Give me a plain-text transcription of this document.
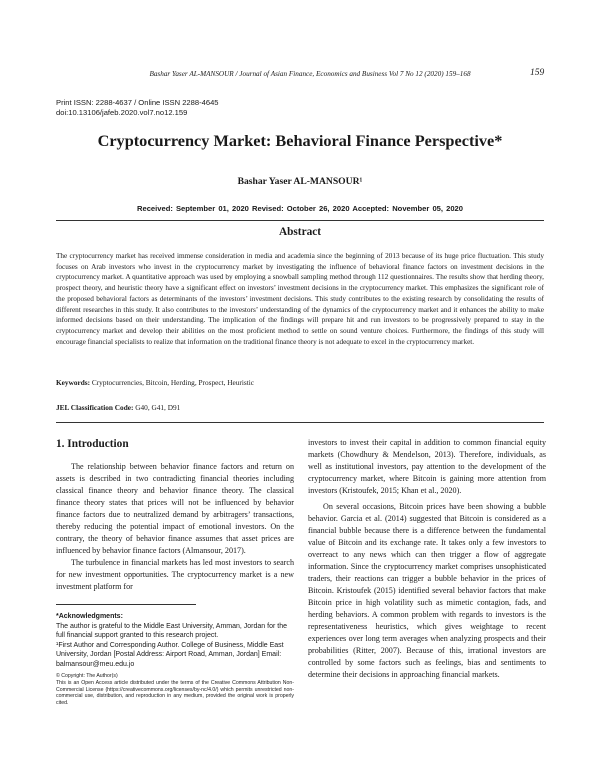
Bashar Yaser AL-MANSOUR / Journal of Asian Finance, Economics and Business Vol 7 No 12 (2020) 159–168	159
Print ISSN: 2288-4637 / Online ISSN 2288-4645
doi:10.13106/jafeb.2020.vol7.no12.159
Cryptocurrency Market: Behavioral Finance Perspective*
Bashar Yaser AL-MANSOUR¹
Received: September 01, 2020 Revised: October 26, 2020 Accepted: November 05, 2020
Abstract

The cryptocurrency market has received immense consideration in media and academia since the beginning of 2013 because of its huge price fluctuation. This study focuses on Arab investors who invest in the cryptocurrency market by investigating the influence of behavioral finance factors on investment decisions in the cryptocurrency market. A quantitative approach was used by employing a snowball sampling method through 112 questionnaires. The results show that herding theory, prospect theory, and heuristic theory have a significant effect on investors’ investment decisions in the cryptocurrency market. This emphasizes the significant role of the proposed behavioral factors as determinants of the investors’ investment decisions. This study contributes to the existing research by consolidating the results of different researches in this study. It also contributes to the investors’ understanding of the dynamics of the cryptocurrency market and it enhances the ability to make informed decisions based on their understanding. The implication of the findings will prepare hit and run investors to be progressively prepared to stay in the cryptocurrency market and develop their abilities on the most proficient method to settle on sound venture choices. Furthermore, the findings of this study will encourage financial specialists to realize that information on the traditional finance theory is not adequate to excel in the cryptocurrency market.

Keywords: Cryptocurrencies, Bitcoin, Herding, Prospect, Heuristic
JEL Classification Code: G40, G41, D91
1. Introduction

The relationship between behavior finance factors and return on assets is described in two contradicting financial theories including classical finance theory and behavior finance theory. The classical finance theory states that prices will not be influenced by behavior finance factors due to neutralized demand by arbitragers’ transactions, thereby reducing the potential impact of emotional investors. On the contrary, the theory of behavior finance assumes that asset prices are influenced by behavior finance factors (Almansour, 2017).

The turbulence in financial markets has led most investors to search for new investment opportunities. The cryptocurrency market is a new investment platform for

investors to invest their capital in addition to common financial equity markets (Chowdhury & Mendelson, 2013). Therefore, individuals, as well as institutional investors, pay attention to the development of the cryptocurrency market, where Bitcoin is gaining more attention from investors (Kristoufek, 2015; Khan et al., 2020).

On several occasions, Bitcoin prices have been showing a bubble behavior. Garcia et al. (2014) suggested that Bitcoin is considered as a financial bubble because there is a difference between the fundamental value of Bitcoin and its exchange rate. It takes only a few investors to overreact to any news which can then trigger a flow of aggregate information. Since the cryptocurrency market comprises unsophisticated traders, their reactions can trigger a bubble behavior in the prices of Bitcoin. Kristoufek (2015) identified several behavior factors that make Bitcoin price in high volatility such as mimetic contagion, fads, and herding behaviors. A common problem with regards to investors is the representativeness heuristics, which gives weightage to recent experiences over long term averages when analyzing prospects and their probabilities (Ritter, 2007). Because of this, irrational investors are controlled by some factors such as feelings, bias and sentiments to determine their decisions in approaching financial markets.

*Acknowledgments:

The author is grateful to the Middle East University, Amman, Jordan for the full financial support granted to this research project.

¹First Author and Corresponding Author. College of Business, Middle East University, Jordan [Postal Address: Airport Road, Amman, Jordan] Email: balmansour@meu.edu.jo

© Copyright: The Author(s)

This is an Open Access article distributed under the terms of the Creative Commons Attribution Non-Commercial License (https://creativecommons.org/licenses/by-nc/4.0/) which permits unrestricted non-commercial use, distribution, and reproduction in any medium, provided the original work is properly cited.
